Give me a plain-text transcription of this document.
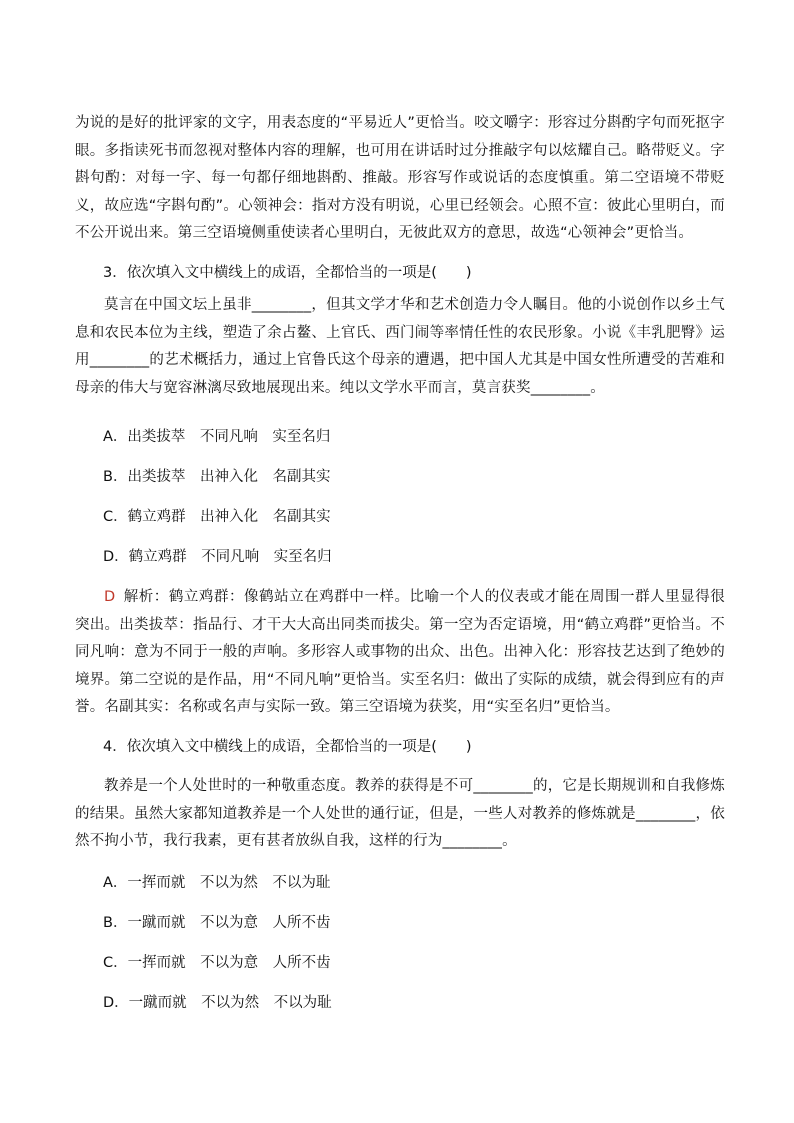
为说的是好的批评家的文字，用表态度的“平易近人”更恰当。咬文嚼字：形容过分斟酌字句而死抠字眼。多指读死书而忽视对整体内容的理解，也可用在讲话时过分推敲字句以炫耀自己。略带贬义。字斟句酌：对每一字、每一句都仔细地斟酌、推敲。形容写作或说话的态度慎重。第二空语境不带贬义，故应选“字斟句酌”。心领神会：指对方没有明说，心里已经领会。心照不宣：彼此心里明白，而不公开说出来。第三空语境侧重使读者心里明白，无彼此双方的意思，故选“心领神会”更恰当。

3．依次填入文中横线上的成语，全都恰当的一项是(　　)

莫言在中国文坛上虽非________，但其文学才华和艺术创造力令人瞩目。他的小说创作以乡土气息和农民本位为主线，塑造了余占鳌、上官氏、西门闹等率情任性的农民形象。小说《丰乳肥臀》运用________的艺术概括力，通过上官鲁氏这个母亲的遭遇，把中国人尤其是中国女性所遭受的苦难和母亲的伟大与宽容淋漓尽致地展现出来。纯以文学水平而言，莫言获奖________。

A．出类拔萃　不同凡响　实至名归

B．出类拔萃　出神入化　名副其实

C．鹤立鸡群　出神入化　名副其实

D．鹤立鸡群　不同凡响　实至名归

D 解析：鹤立鸡群：像鹤站立在鸡群中一样。比喻一个人的仪表或才能在周围一群人里显得很突出。出类拔萃：指品行、才干大大高出同类而拔尖。第一空为否定语境，用“鹤立鸡群”更恰当。不同凡响：意为不同于一般的声响。多形容人或事物的出众、出色。出神入化：形容技艺达到了绝妙的境界。第二空说的是作品，用“不同凡响”更恰当。实至名归：做出了实际的成绩，就会得到应有的声誉。名副其实：名称或名声与实际一致。第三空语境为获奖，用“实至名归”更恰当。

4．依次填入文中横线上的成语，全都恰当的一项是(　　)

教养是一个人处世时的一种敬重态度。教养的获得是不可________的，它是长期规训和自我修炼的结果。虽然大家都知道教养是一个人处世的通行证，但是，一些人对教养的修炼就是________，依然不拘小节，我行我素，更有甚者放纵自我，这样的行为________。

A．一挥而就　不以为然　不以为耻

B．一蹴而就　不以为意　人所不齿

C．一挥而就　不以为意　人所不齿

D．一蹴而就　不以为然　不以为耻
